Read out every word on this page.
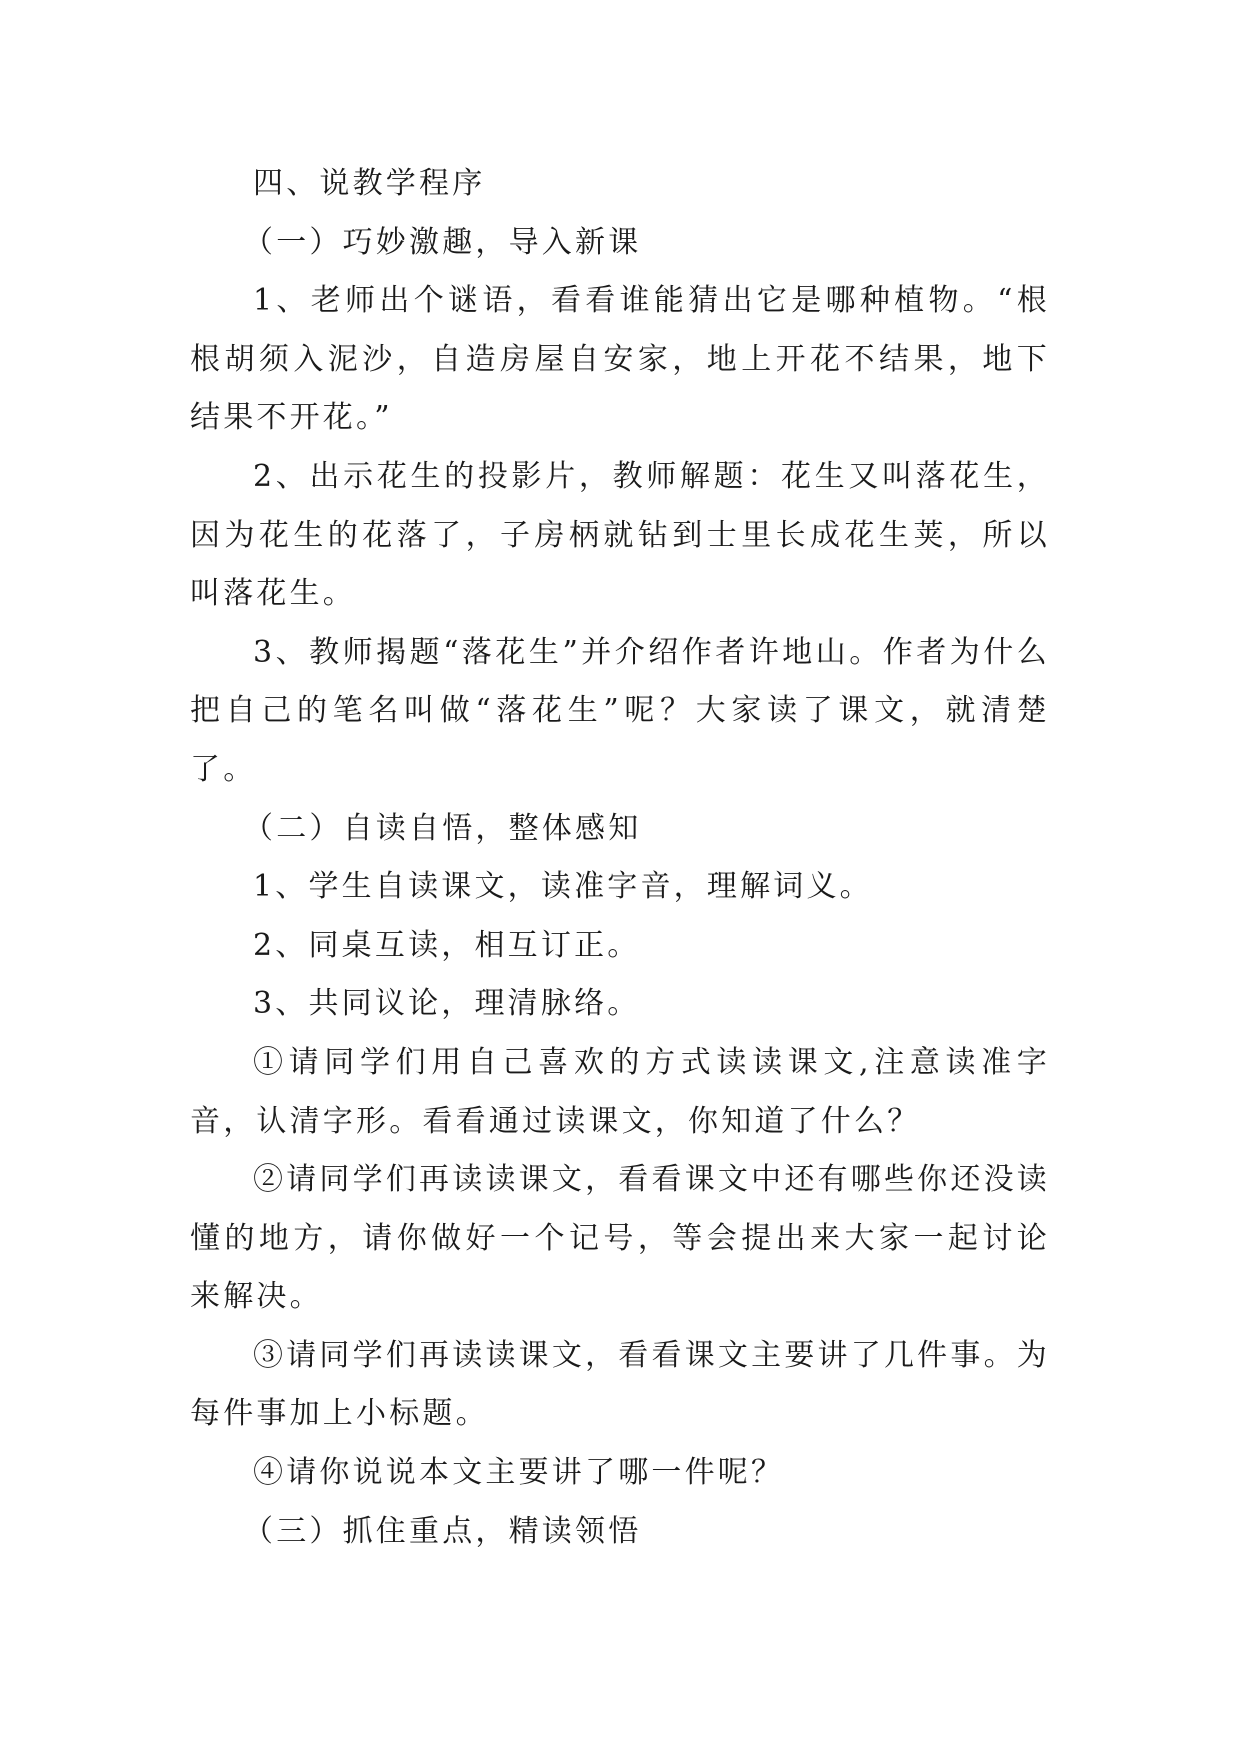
四、说教学程序

（一）巧妙激趣，导入新课

1、老师出个谜语，看看谁能猜出它是哪种植物。“根根胡须入泥沙，自造房屋自安家，地上开花不结果，地下结果不开花。”

2、出示花生的投影片，教师解题：花生又叫落花生，因为花生的花落了，子房柄就钻到士里长成花生荚，所以叫落花生。

3、教师揭题“落花生”并介绍作者许地山。作者为什么把自己的笔名叫做“落花生”呢？大家读了课文，就清楚了。

（二）自读自悟，整体感知

1、学生自读课文，读准字音，理解词义。

2、同桌互读，相互订正。

3、共同议论，理清脉络。

①请同学们用自己喜欢的方式读读课文,注意读准字音，认清字形。看看通过读课文，你知道了什么？

②请同学们再读读课文，看看课文中还有哪些你还没读懂的地方，请你做好一个记号，等会提出来大家一起讨论来解决。

③请同学们再读读课文，看看课文主要讲了几件事。为每件事加上小标题。

④请你说说本文主要讲了哪一件呢？

（三）抓住重点，精读领悟
